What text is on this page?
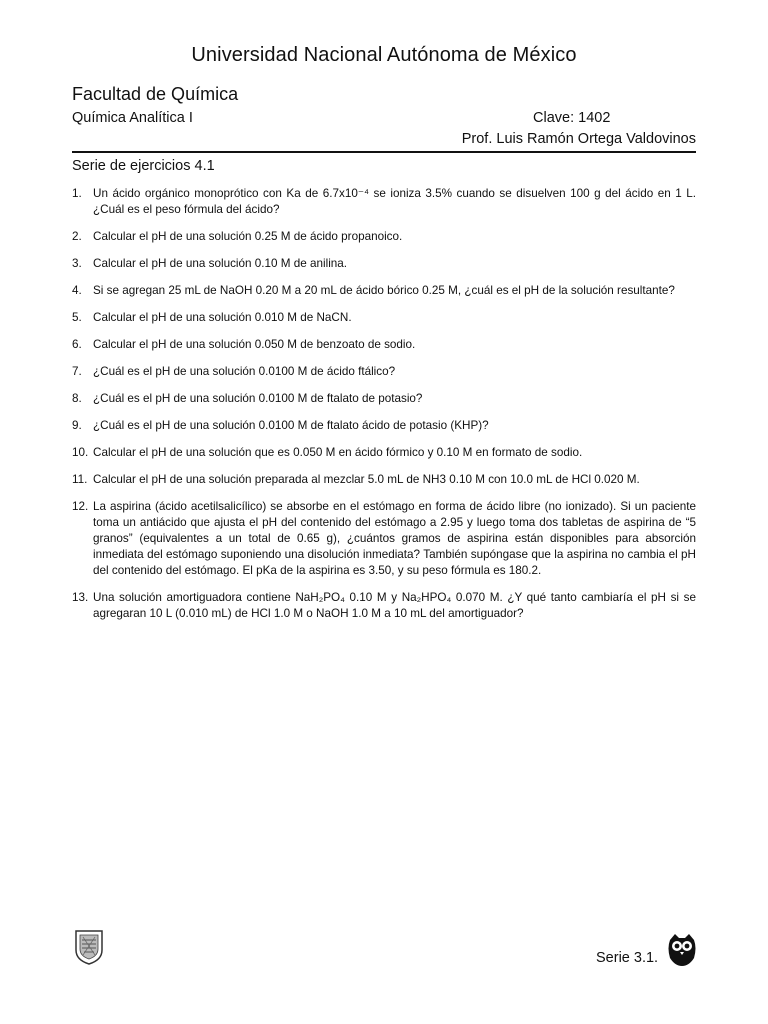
Universidad Nacional Autónoma de México
Facultad de Química
Química Analítica I	Clave: 1402
Prof. Luis Ramón Ortega Valdovinos
Serie de ejercicios 4.1
1. Un ácido orgánico monoprótico con Ka de 6.7x10⁻⁴ se ioniza 3.5% cuando se disuelven 100 g del ácido en 1 L. ¿Cuál es el peso fórmula del ácido?
2. Calcular el pH de una solución 0.25 M de ácido propanoico.
3. Calcular el pH de una solución 0.10 M de anilina.
4. Si se agregan 25 mL de NaOH 0.20 M a 20 mL de ácido bórico 0.25 M, ¿cuál es el pH de la solución resultante?
5. Calcular el pH de una solución 0.010 M de NaCN.
6. Calcular el pH de una solución 0.050 M de benzoato de sodio.
7. ¿Cuál es el pH de una solución 0.0100 M de ácido ftálico?
8. ¿Cuál es el pH de una solución 0.0100 M de ftalato de potasio?
9. ¿Cuál es el pH de una solución 0.0100 M de ftalato ácido de potasio (KHP)?
10. Calcular el pH de una solución que es 0.050 M en ácido fórmico y 0.10 M en formato de sodio.
11. Calcular el pH de una solución preparada al mezclar 5.0 mL de NH3 0.10 M con 10.0 mL de HCl 0.020 M.
12. La aspirina (ácido acetilsalicílico) se absorbe en el estómago en forma de ácido libre (no ionizado). Si un paciente toma un antiácido que ajusta el pH del contenido del estómago a 2.95 y luego toma dos tabletas de aspirina de “5 granos” (equivalentes a un total de 0.65 g), ¿cuántos gramos de aspirina están disponibles para absorción inmediata del estómago suponiendo una disolución inmediata? También supóngase que la aspirina no cambia el pH del contenido del estómago. El pKa de la aspirina es 3.50, y su peso fórmula es 180.2.
13. Una solución amortiguadora contiene NaH₂PO₄ 0.10 M y Na₂HPO₄ 0.070 M. ¿Y qué tanto cambiaría el pH si se agregaran 10 L (0.010 mL) de HCl 1.0 M o NaOH 1.0 M a 10 mL del amortiguador?
Serie 3.1.
